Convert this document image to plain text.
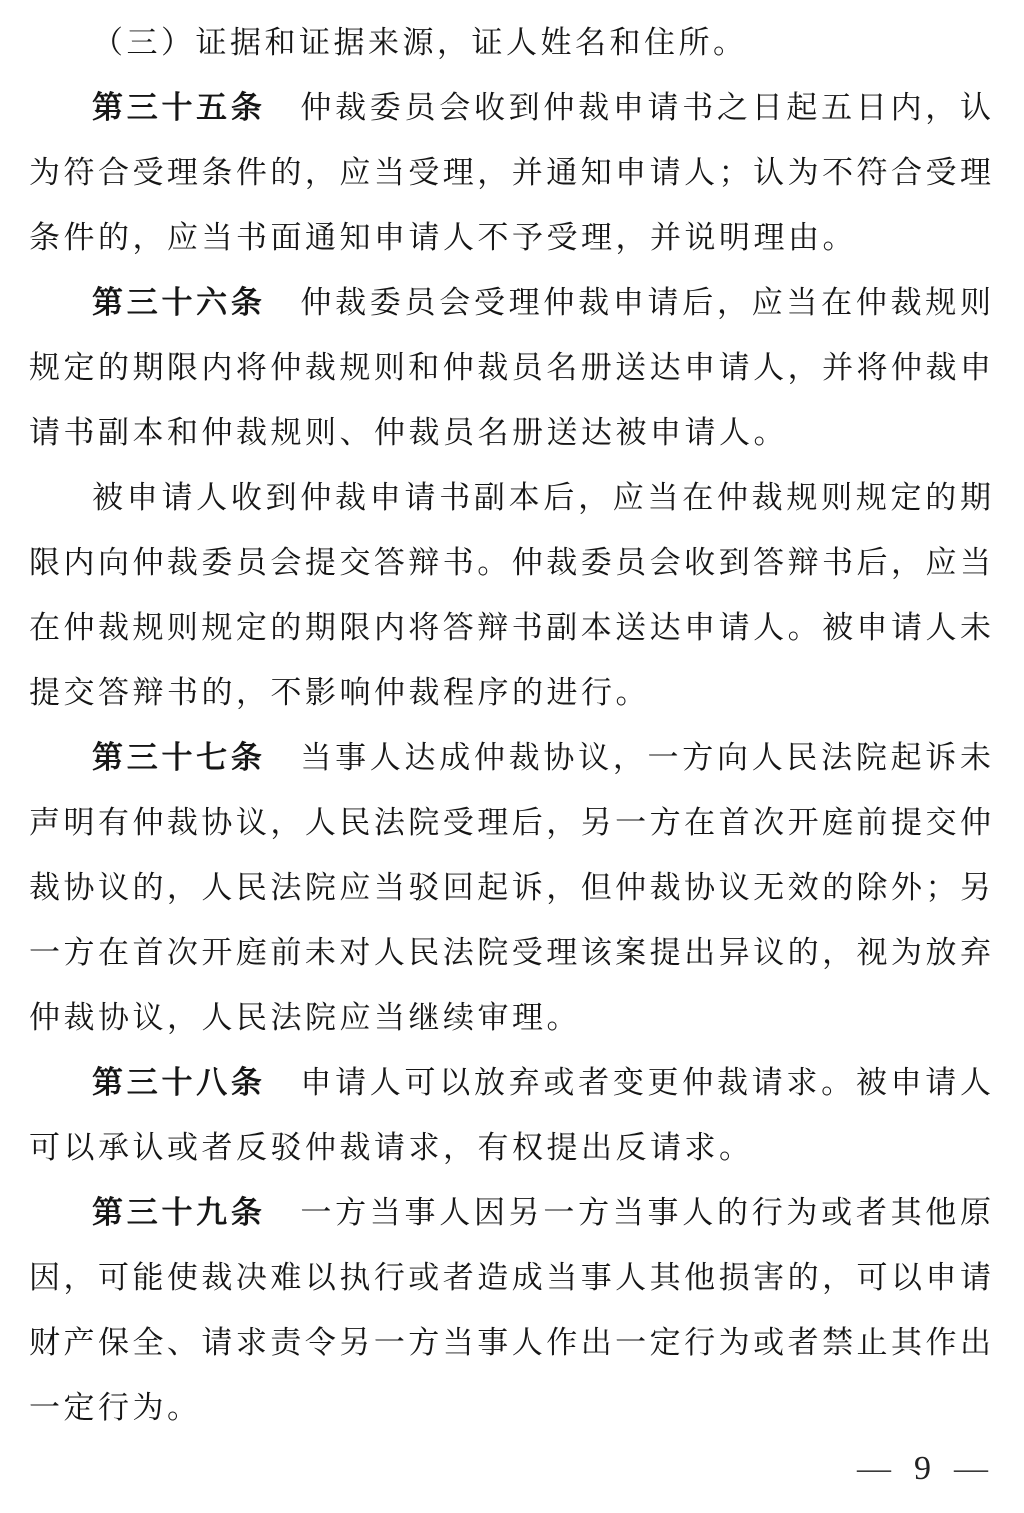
（三）证据和证据来源，证人姓名和住所。
第三十五条　 仲裁委员会收到仲裁申请书之日起五日内，认
为符合受理条件的，应当受理，并通知申请人；认为不符合受理
条件的，应当书面通知申请人不予受理，并说明理由。
第三十六条　 仲裁委员会受理仲裁申请后，应当在仲裁规则
规定的期限内将仲裁规则和仲裁员名册送达申请人，并将仲裁申
请书副本和仲裁规则、仲裁员名册送达被申请人。
被申请人收到仲裁申请书副本后，应当在仲裁规则规定的期
限内向仲裁委员会提交答辩书。仲裁委员会收到答辩书后，应当
在仲裁规则规定的期限内将答辩书副本送达申请人。被申请人未
提交答辩书的，不影响仲裁程序的进行。
第三十七条　 当事人达成仲裁协议，一方向人民法院起诉未
声明有仲裁协议，人民法院受理后，另一方在首次开庭前提交仲
裁协议的，人民法院应当驳回起诉，但仲裁协议无效的除外；另
一方在首次开庭前未对人民法院受理该案提出异议的，视为放弃
仲裁协议，人民法院应当继续审理。
第三十八条　 申请人可以放弃或者变更仲裁请求。被申请人
可以承认或者反驳仲裁请求，有权提出反请求。
第三十九条　 一方当事人因另一方当事人的行为或者其他原
因，可能使裁决难以执行或者造成当事人其他损害的，可以申请
财产保全、请求责令另一方当事人作出一定行为或者禁止其作出
一定行为。
— 9 —
